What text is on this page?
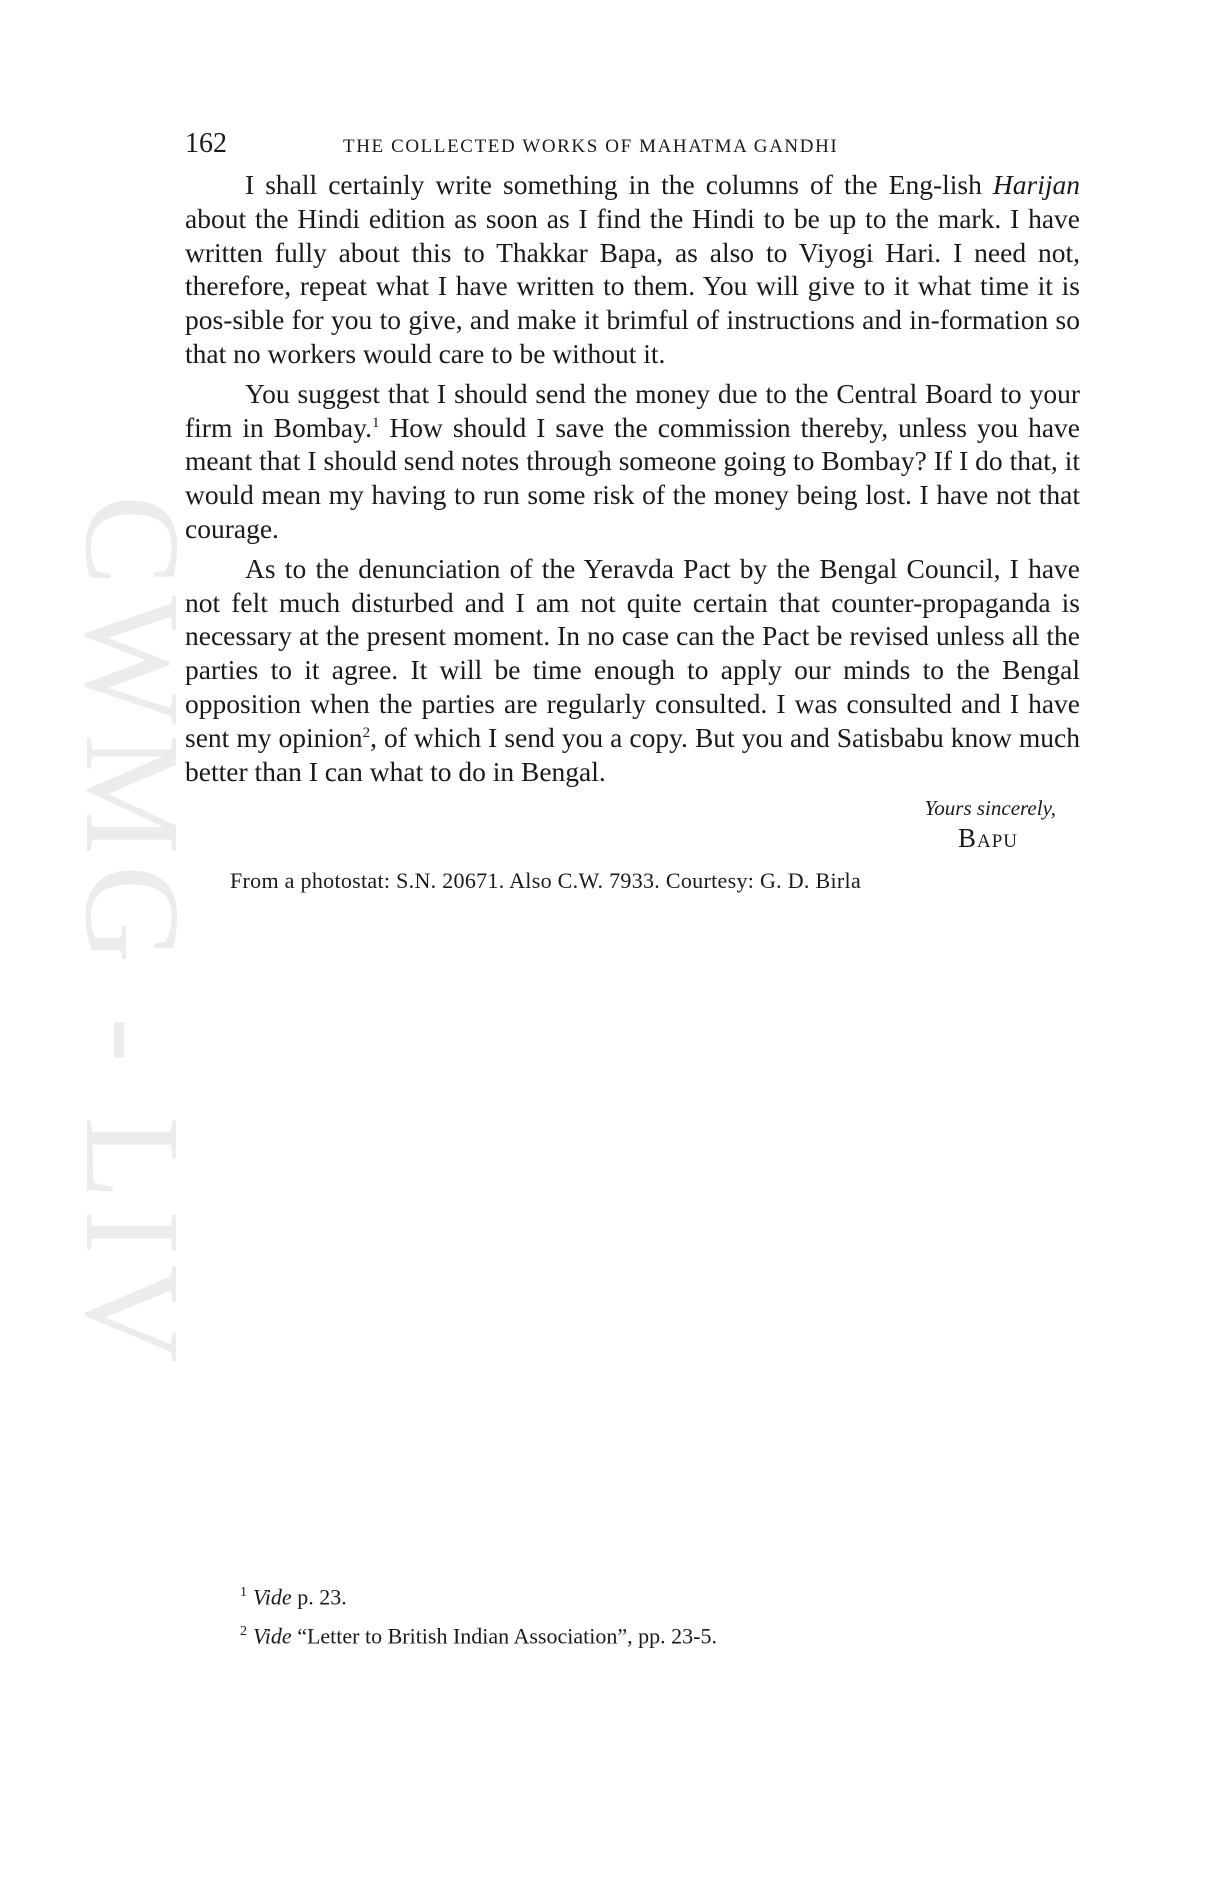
CWMG - LIV
162	THE COLLECTED WORKS OF MAHATMA GANDHI

I shall certainly write something in the columns of the Eng-lish Harijan about the Hindi edition as soon as I find the Hindi to be up to the mark. I have written fully about this to Thakkar Bapa, as also to Viyogi Hari. I need not, therefore, repeat what I have written to them. You will give to it what time it is pos-sible for you to give, and make it brimful of instructions and in-formation so that no workers would care to be without it.

You suggest that I should send the money due to the Central Board to your firm in Bombay.$^1$ How should I save the commission thereby, unless you have meant that I should send notes through someone going to Bombay? If I do that, it would mean my having to run some risk of the money being lost. I have not that courage.

As to the denunciation of the Yeravda Pact by the Bengal Council, I have not felt much disturbed and I am not quite certain that counter-propaganda is necessary at the present moment. In no case can the Pact be revised unless all the parties to it agree. It will be time enough to apply our minds to the Bengal opposition when the parties are regularly consulted. I was consulted and I have sent my opinion$^2$, of which I send you a copy. But you and Satisbabu know much better than I can what to do in Bengal.

Yours sincerely,
Bapu
From a photostat: S.N. 20671. Also C.W. 7933. Courtesy: G. D. Birla
$^1$ Vide p. 23.
$^2$ Vide “Letter to British Indian Association”, pp. 23-5.
